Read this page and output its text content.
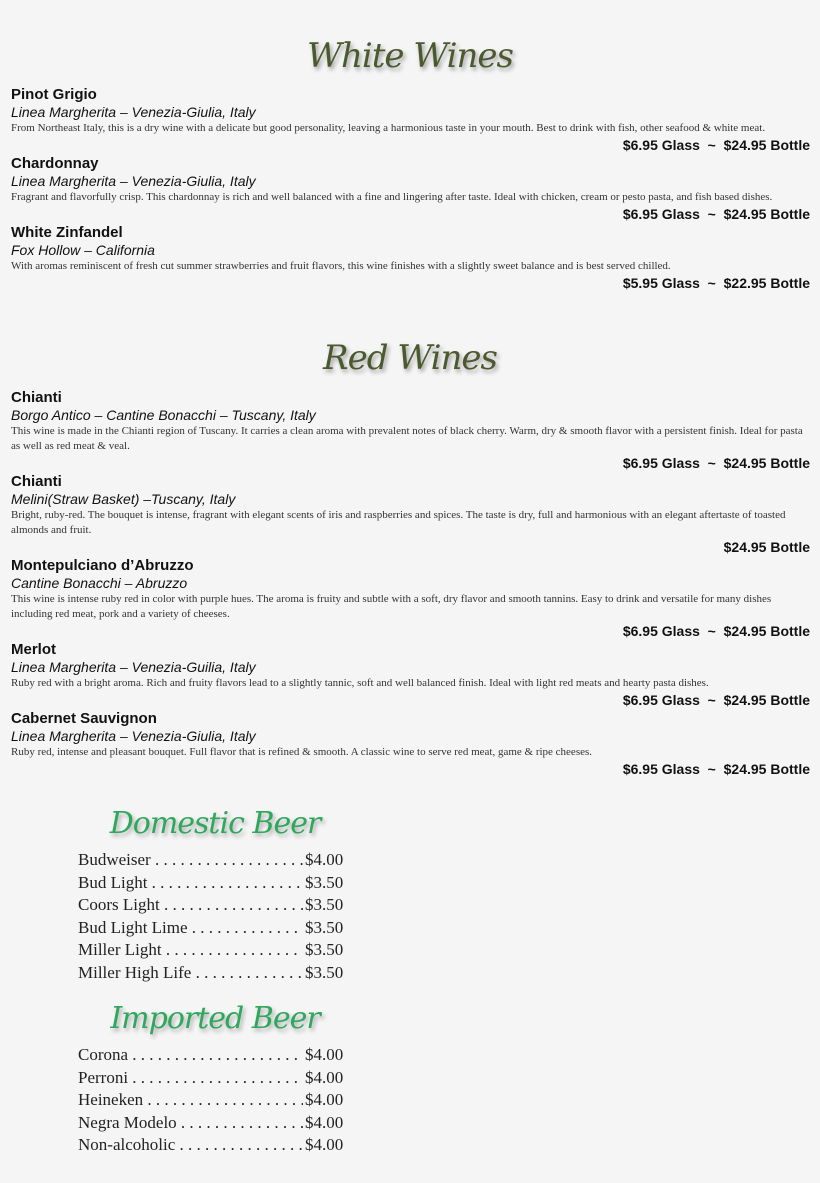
White Wines
Pinot Grigio
Linea Margherita – Venezia-Giulia, Italy
From Northeast Italy, this is a dry wine with a delicate but good personality, leaving a harmonious taste in your mouth. Best to drink with fish, other seafood & white meat.
$6.95 Glass  ~  $24.95 Bottle
Chardonnay
Linea Margherita – Venezia-Giulia, Italy
Fragrant and flavorfully crisp. This chardonnay is rich and well balanced with a fine and lingering after taste. Ideal with chicken, cream or pesto pasta, and fish based dishes.
$6.95 Glass  ~  $24.95 Bottle
White Zinfandel
Fox Hollow – California
With aromas reminiscent of fresh cut summer strawberries and fruit flavors, this wine finishes with a slightly sweet balance and is best served chilled.
$5.95 Glass  ~  $22.95 Bottle
Red Wines
Chianti
Borgo Antico – Cantine Bonacchi – Tuscany, Italy
This wine is made in the Chianti region of Tuscany. It carries a clean aroma with prevalent notes of black cherry. Warm, dry & smooth flavor with a persistent finish. Ideal for pasta as well as red meat & veal.
$6.95 Glass  ~  $24.95 Bottle
Chianti
Melini(Straw Basket) –Tuscany, Italy
Bright, ruby-red. The bouquet is intense, fragrant with elegant scents of iris and raspberries and spices. The taste is dry, full and harmonious with an elegant aftertaste of toasted almonds and fruit.
$24.95 Bottle
Montepulciano d’Abruzzo
Cantine Bonacchi – Abruzzo
This wine is intense ruby red in color with purple hues. The aroma is fruity and subtle with a soft, dry flavor and smooth tannins. Easy to drink and versatile for many dishes including red meat, pork and a variety of cheeses.
$6.95 Glass  ~  $24.95 Bottle
Merlot
Linea Margherita – Venezia-Guilia, Italy
Ruby red with a bright aroma. Rich and fruity flavors lead to a slightly tannic, soft and well balanced finish. Ideal with light red meats and hearty pasta dishes.
$6.95 Glass  ~  $24.95 Bottle
Cabernet Sauvignon
Linea Margherita – Venezia-Giulia, Italy
Ruby red, intense and pleasant bouquet. Full flavor that is refined & smooth. A classic wine to serve red meat, game & ripe cheeses.
$6.95 Glass  ~  $24.95 Bottle
Domestic Beer
Budweiser . . .	$4.00
Bud Light . . .	$3.50
Coors Light . . .	$3.50
Bud Light Lime . . .	$3.50
Miller Light . . .	$3.50
Miller High Life . . .	$3.50
Imported Beer
Corona . . .	$4.00
Perroni . . .	$4.00
Heineken . . .	$4.00
Negra Modelo . . .	$4.00
Non-alcoholic . . .	$4.00
